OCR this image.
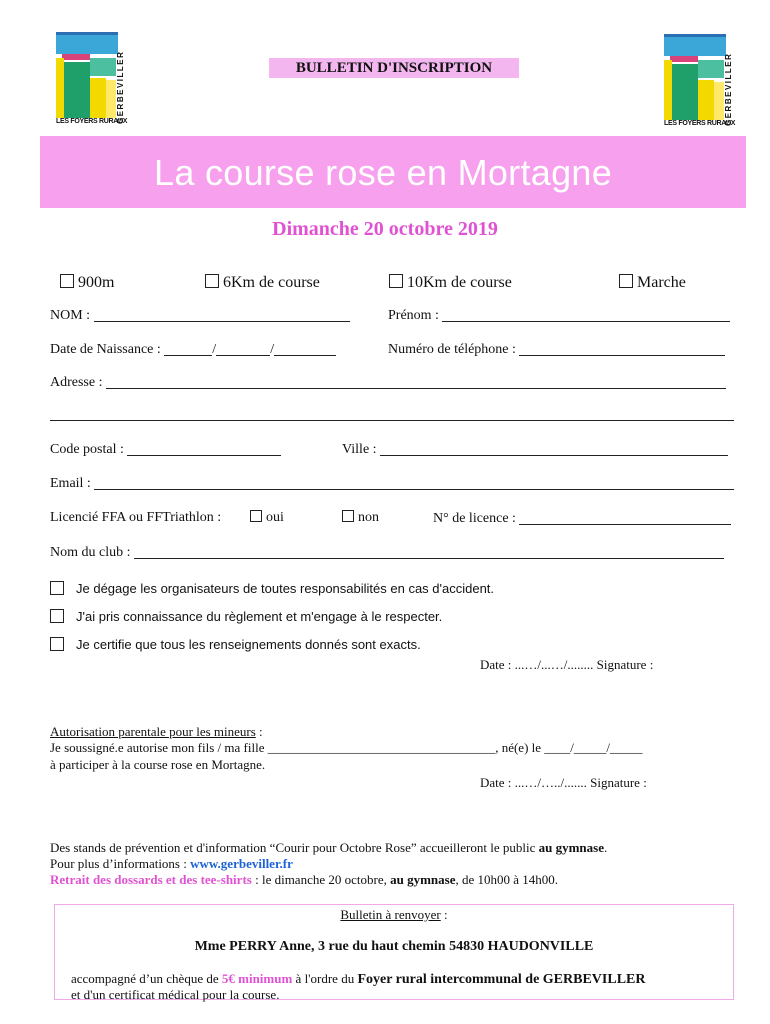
GERBEVILLER
LES FOYERS RURAUX	GERBEVILLER
LES FOYERS RURAUX
BULLETIN D'INSCRIPTION
La course rose en Mortagne
Dimanche 20 octobre 2019
900m	6Km de course	10Km de course	Marche
NOM :	Prénom :
Date de Naissance :	/	/	Numéro de téléphone :
Adresse :
Code postal :	Ville :
Email :
Licencié FFA ou FFTriathlon :	oui	non	N° de licence :
Nom du club :
Je dégage les organisateurs de toutes responsabilités en cas d'accident.
J'ai pris connaissance du règlement et m'engage à le respecter.
Je certifie que tous les renseignements donnés sont exacts.
Date : ...…/...…/........ Signature :
Autorisation parentale pour les mineurs :
Je soussigné.e autorise mon fils / ma fille ___________________________________, né(e) le ____/_____/_____
à participer à la course rose en Mortagne.
Date : ...…/…../....... Signature :
Des stands de prévention et d'information “Courir pour Octobre Rose” accueilleront le public au gymnase.
Pour plus d’informations : www.gerbeviller.fr
Retrait des dossards et des tee-shirts : le dimanche 20 octobre, au gymnase, de 10h00 à 14h00.
Bulletin à renvoyer :
Mme PERRY Anne, 3 rue du haut chemin 54830 HAUDONVILLE
accompagné d’un chèque de 5€ minimum à l'ordre du Foyer rural intercommunal de GERBEVILLER
et d'un certificat médical pour la course.
